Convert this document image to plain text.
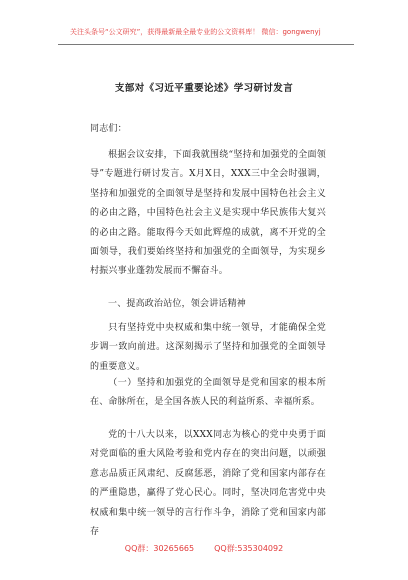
关注头条号“公文研究”，获得最新最全最专业的公文资料库！ 微信：gongwenyj
支部对《习近平重要论述》学习研讨发言
同志们：
根据会议安排，下面我就围绕“坚持和加强党的全面领导”专题进行研讨发言。X月X日，XXX三中全会时强调，坚持和加强党的全面领导是坚持和发展中国特色社会主义的必由之路，中国特色社会主义是实现中华民族伟大复兴的必由之路。能取得今天如此辉煌的成就，离不开党的全面领导，我们要始终坚持和加强党的全面领导，为实现乡村振兴事业蓬勃发展而不懈奋斗。
一、提高政治站位，领会讲话精神
只有坚持党中央权威和集中统一领导，才能确保全党步调一致向前进。这深刻揭示了坚持和加强党的全面领导的重要意义。
（一）坚持和加强党的全面领导是党和国家的根本所在、命脉所在，是全国各族人民的利益所系、幸福所系。
党的十八大以来，以XXX同志为核心的党中央勇于面对党面临的重大风险考验和党内存在的突出问题，以顽强意志品质正风肃纪、反腐惩恶，消除了党和国家内部存在的严重隐患，赢得了党心民心。同时，坚决同危害党中央权威和集中统一领导的言行作斗争，消除了党和国家内部存
QQ群：30265665	QQ群:535304092
